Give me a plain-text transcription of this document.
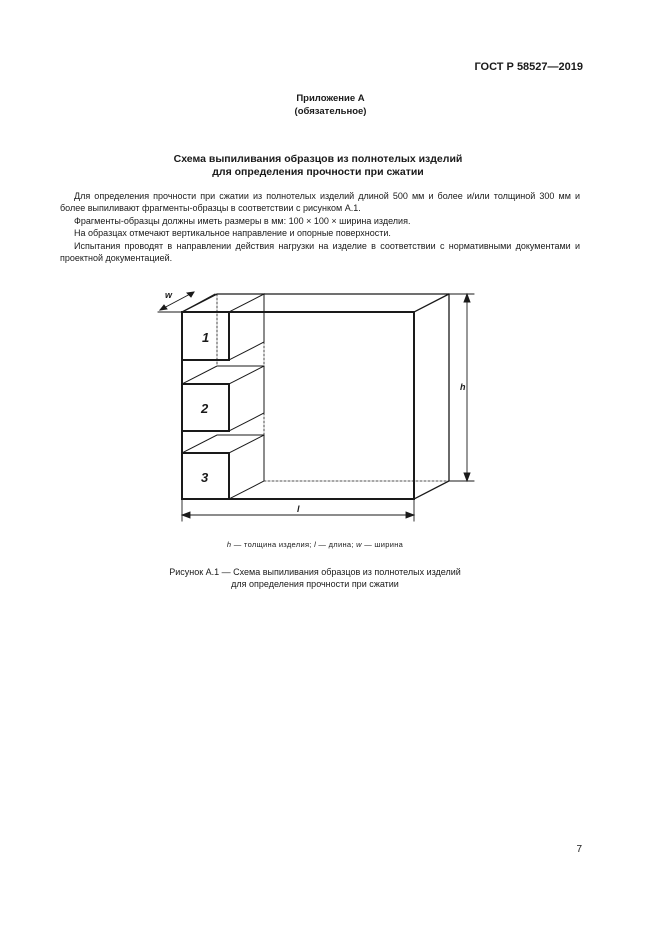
ГОСТ Р 58527—2019
Приложение А
(обязательное)
Схема выпиливания образцов из полнотелых изделий
для определения прочности при сжатии

Для определения прочности при сжатии из полнотелых изделий длиной 500 мм и более и/или толщиной 300 мм и более выпиливают фрагменты-образцы в соответствии с рисунком А.1.

Фрагменты-образцы должны иметь размеры в мм: 100 × 100 × ширина изделия.

На образцах отмечают вертикальное направление и опорные поверхности.

Испытания проводят в направлении действия нагрузки на изделие в соответствии с нормативными документами и проектной документацией.

1
2
3
w
h
l
h — толщина изделия; l — длина; w — ширина
Рисунок А.1 — Схема выпиливания образцов из полнотелых изделий
для определения прочности при сжатии
7
